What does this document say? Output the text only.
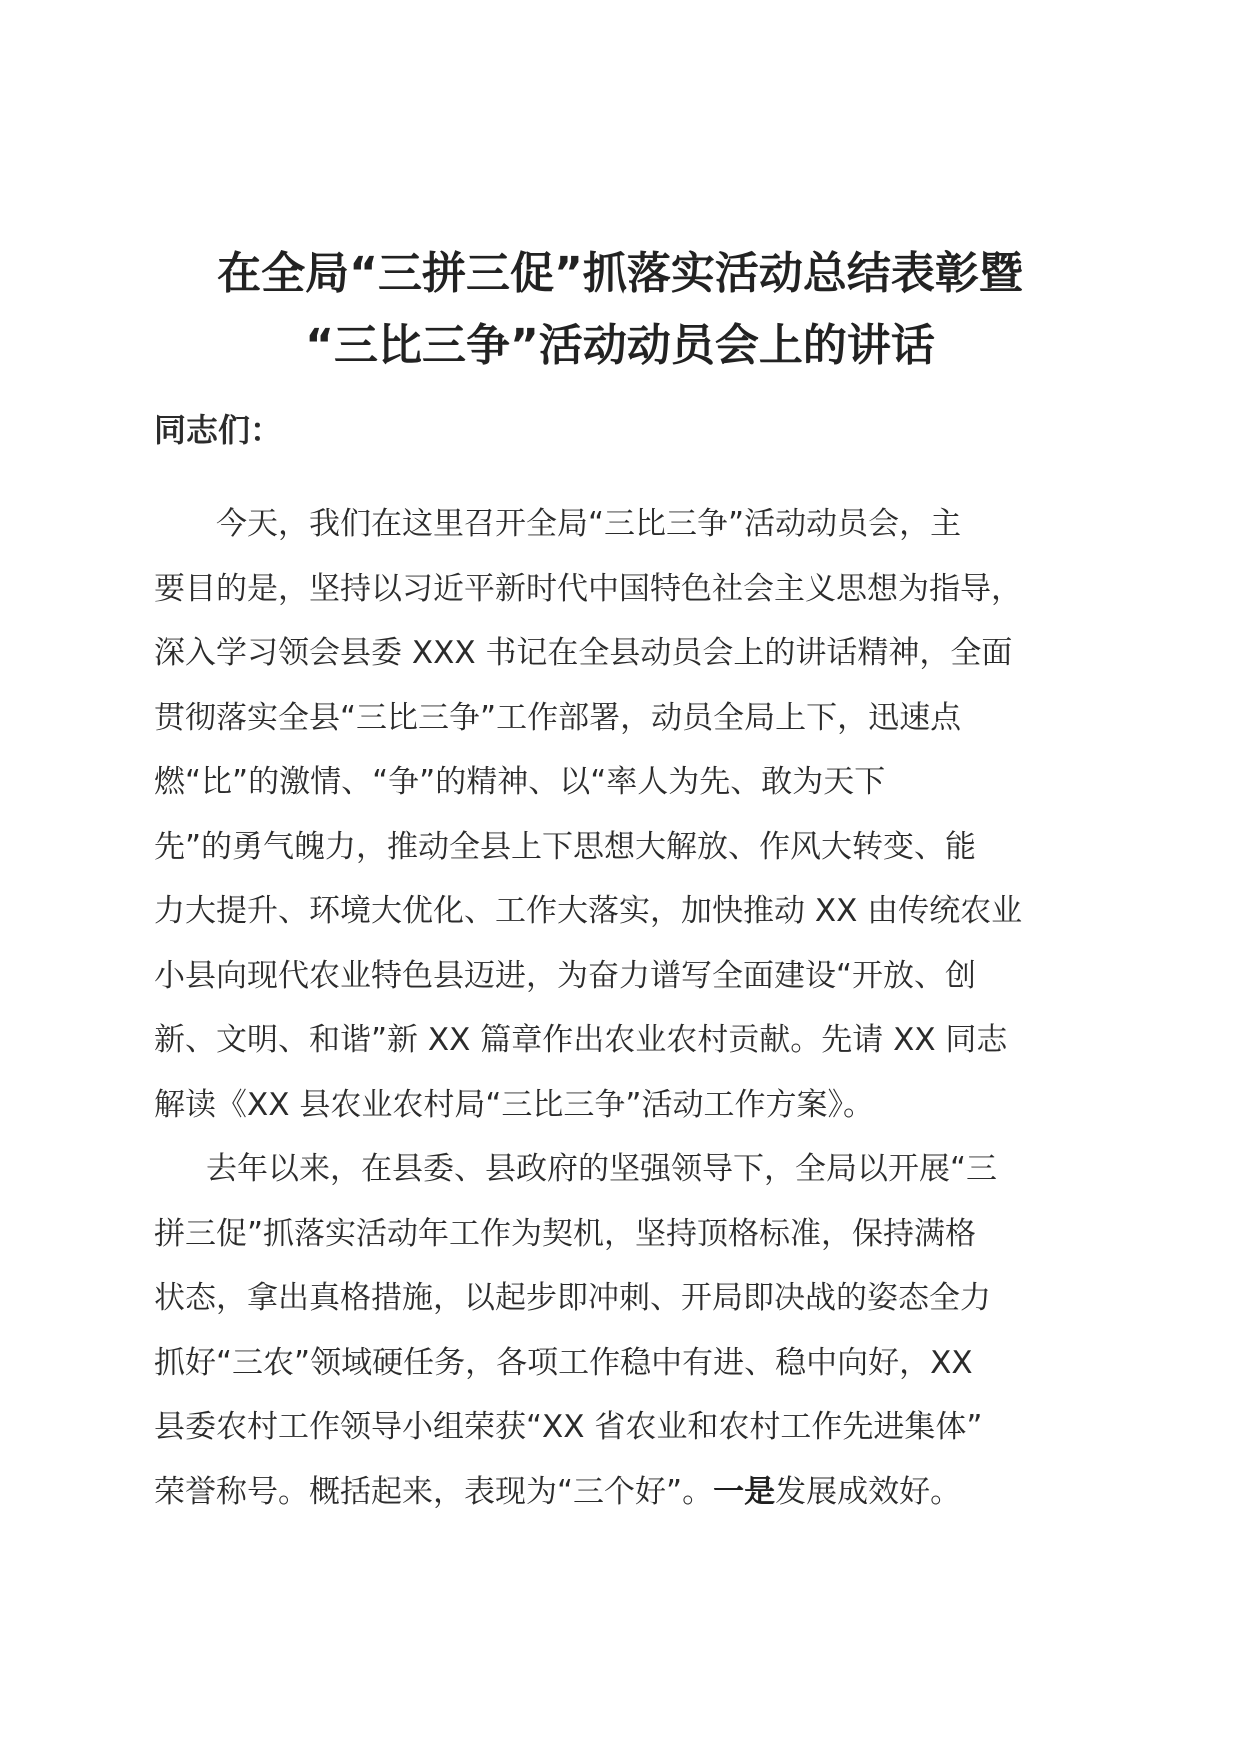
在全局“三拼三促”抓落实活动总结表彰暨
“三比三争”活动动员会上的讲话
同志们：
今天，我们在这里召开全局“三比三争”活动动员会，主
要目的是，坚持以习近平新时代中国特色社会主义思想为指导，
深入学习领会县委 XXX 书记在全县动员会上的讲话精神，全面
贯彻落实全县“三比三争”工作部署，动员全局上下，迅速点
燃“比”的激情、“争”的精神、以“率人为先、敢为天下
先”的勇气魄力，推动全县上下思想大解放、作风大转变、能
力大提升、环境大优化、工作大落实，加快推动 XX 由传统农业
小县向现代农业特色县迈进，为奋力谱写全面建设“开放、创
新、文明、和谐”新 XX 篇章作出农业农村贡献。先请 XX 同志
解读《XX 县农业农村局“三比三争”活动工作方案》。
去年以来，在县委、县政府的坚强领导下，全局以开展“三
拼三促”抓落实活动年工作为契机，坚持顶格标准，保持满格
状态，拿出真格措施，以起步即冲刺、开局即决战的姿态全力
抓好“三农”领域硬任务，各项工作稳中有进、稳中向好，XX
县委农村工作领导小组荣获“XX 省农业和农村工作先进集体”
荣誉称号。概括起来，表现为“三个好”。一是发展成效好。
